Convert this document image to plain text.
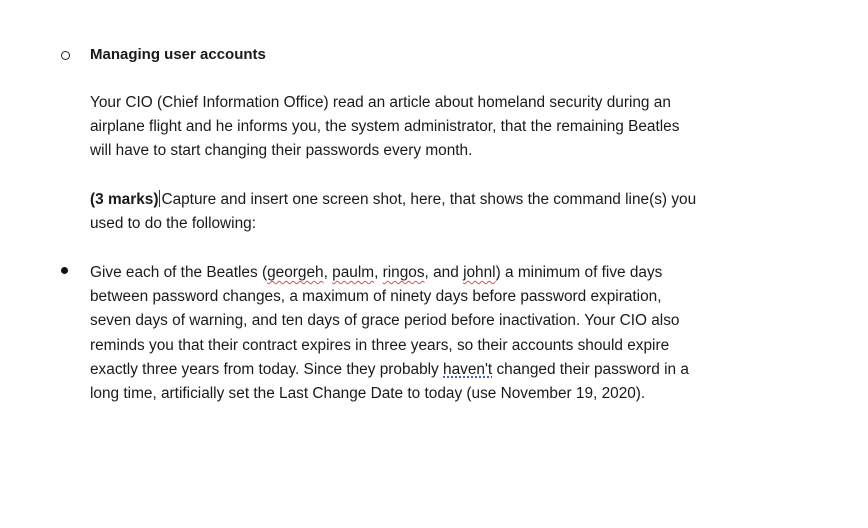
Managing user accounts
Your CIO (Chief Information Office) read an article about homeland security during an
airplane flight and he informs you, the system administrator, that the remaining Beatles
will have to start changing their passwords every month.
(3 marks) Capture and insert one screen shot, here, that shows the command line(s) you
used to do the following:
Give each of the Beatles (georgeh, paulm, ringos, and johnl) a minimum of five days
between password changes, a maximum of ninety days before password expiration,
seven days of warning, and ten days of grace period before inactivation. Your CIO also
reminds you that their contract expires in three years, so their accounts should expire
exactly three years from today. Since they probably haven't changed their password in a
long time, artificially set the Last Change Date to today (use November 19, 2020).
